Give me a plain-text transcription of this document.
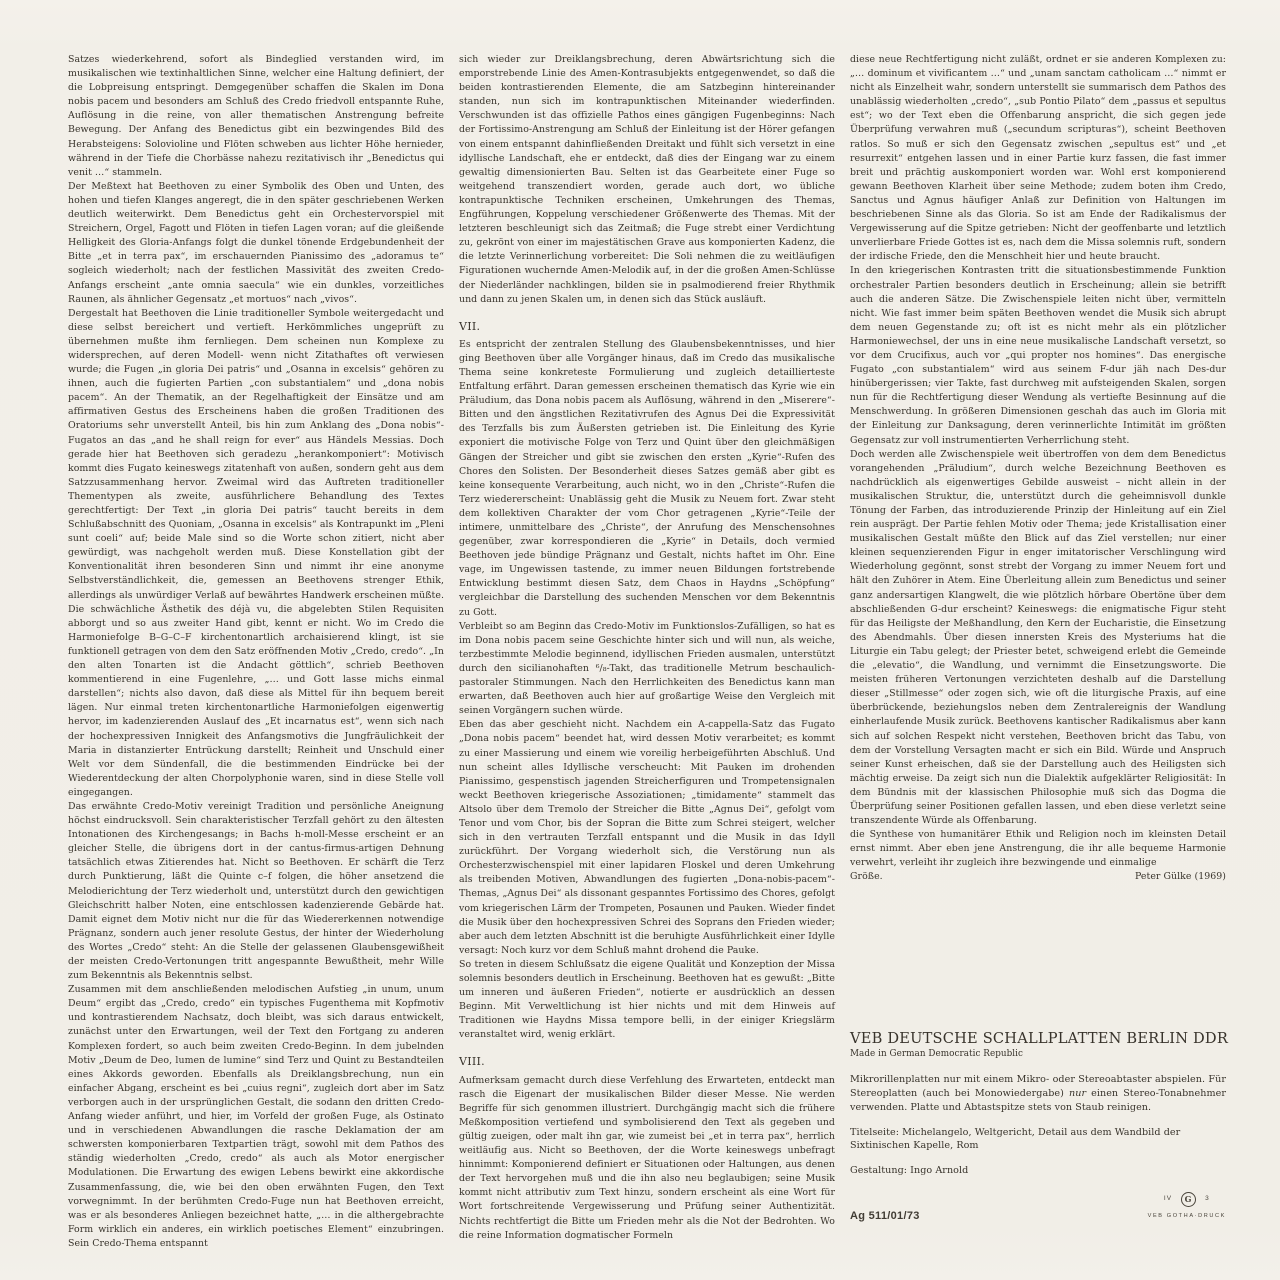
Satzes wiederkehrend, sofort als Bindeglied verstanden wird, im musikalischen wie textinhaltlichen Sinne, welcher eine Haltung definiert, der die Lobpreisung entspringt. Demgegenüber schaffen die Skalen im Dona nobis pacem und besonders am Schluß des Credo friedvoll entspannte Ruhe, Auflösung in die reine, von aller thematischen Anstrengung befreite Bewegung. Der Anfang des Benedictus gibt ein bezwingendes Bild des Herabsteigens: Solovioline und Flöten schweben aus lichter Höhe hernieder, während in der Tiefe die Chorbässe nahezu rezitativisch ihr „Benedictus qui venit …“ stammeln.

Der Meßtext hat Beethoven zu einer Symbolik des Oben und Unten, des hohen und tiefen Klanges angeregt, die in den später geschriebenen Werken deutlich weiterwirkt. Dem Benedictus geht ein Orchestervorspiel mit Streichern, Orgel, Fagott und Flöten in tiefen Lagen voran; auf die gleißende Helligkeit des Gloria-Anfangs folgt die dunkel tönende Erdgebundenheit der Bitte „et in terra pax“, im erschauernden Pianissimo des „adoramus te“ sogleich wiederholt; nach der festlichen Massivität des zweiten Credo-Anfangs erscheint „ante omnia saecula“ wie ein dunkles, vorzeitliches Raunen, als ähnlicher Gegensatz „et mortuos“ nach „vivos“.

Dergestalt hat Beethoven die Linie traditioneller Symbole weitergedacht und diese selbst bereichert und vertieft. Herkömmliches ungeprüft zu übernehmen mußte ihm fernliegen. Dem scheinen nun Komplexe zu widersprechen, auf deren Modell- wenn nicht Zitathaftes oft verwiesen wurde; die Fugen „in gloria Dei patris“ und „Osanna in excelsis“ gehören zu ihnen, auch die fugierten Partien „con substantialem“ und „dona nobis pacem“. An der Thematik, an der Regelhaftigkeit der Einsätze und am affirmativen Gestus des Erscheinens haben die großen Traditionen des Oratoriums sehr unverstellt Anteil, bis hin zum Anklang des „Dona nobis“-Fugatos an das „and he shall reign for ever“ aus Händels Messias. Doch gerade hier hat Beethoven sich geradezu „herankomponiert“: Motivisch kommt dies Fugato keineswegs zitatenhaft von außen, sondern geht aus dem Satzzusammenhang hervor. Zweimal wird das Auftreten traditioneller Thementypen als zweite, ausführlichere Behandlung des Textes gerechtfertigt: Der Text „in gloria Dei patris“ taucht bereits in dem Schlußabschnitt des Quoniam, „Osanna in excelsis“ als Kontrapunkt im „Pleni sunt coeli“ auf; beide Male sind so die Worte schon zitiert, nicht aber gewürdigt, was nachgeholt werden muß. Diese Konstellation gibt der Konventionalität ihren besonderen Sinn und nimmt ihr eine anonyme Selbstverständlichkeit, die, gemessen an Beethovens strenger Ethik, allerdings als unwürdiger Verlaß auf bewährtes Handwerk erscheinen müßte. Die schwächliche Ästhetik des déjà vu, die abgelebten Stilen Requisiten abborgt und so aus zweiter Hand gibt, kennt er nicht. Wo im Credo die Harmoniefolge B–G–C–F kirchentonartlich archaisierend klingt, ist sie funktionell getragen von dem den Satz eröffnenden Motiv „Credo, credo“. „In den alten Tonarten ist die Andacht göttlich“, schrieb Beethoven kommentierend in eine Fugenlehre, „… und Gott lasse michs einmal darstellen“; nichts also davon, daß diese als Mittel für ihn bequem bereit lägen. Nur einmal treten kirchentonartliche Harmoniefolgen eigenwertig hervor, im kadenzierenden Auslauf des „Et incarnatus est“, wenn sich nach der hochexpressiven Innigkeit des Anfangsmotivs die Jungfräulichkeit der Maria in distanzierter Entrückung darstellt; Reinheit und Unschuld einer Welt vor dem Sündenfall, die die bestimmenden Eindrücke bei der Wiederentdeckung der alten Chorpolyphonie waren, sind in diese Stelle voll eingegangen.

Das erwähnte Credo-Motiv vereinigt Tradition und persönliche Aneignung höchst eindrucksvoll. Sein charakteristischer Terzfall gehört zu den ältesten Intonationen des Kirchengesangs; in Bachs h-moll-Messe erscheint er an gleicher Stelle, die übrigens dort in der cantus-firmus-artigen Dehnung tatsächlich etwas Zitierendes hat. Nicht so Beethoven. Er schärft die Terz durch Punktierung, läßt die Quinte c–f folgen, die höher ansetzend die Melodierichtung der Terz wiederholt und, unterstützt durch den gewichtigen Gleichschritt halber Noten, eine entschlossen kadenzierende Gebärde hat. Damit eignet dem Motiv nicht nur die für das Wiedererkennen notwendige Prägnanz, sondern auch jener resolute Gestus, der hinter der Wiederholung des Wortes „Credo“ steht: An die Stelle der gelassenen Glaubensgewißheit der meisten Credo-Vertonungen tritt angespannte Bewußtheit, mehr Wille zum Bekenntnis als Bekenntnis selbst.

Zusammen mit dem anschließenden melodischen Aufstieg „in unum, unum Deum“ ergibt das „Credo, credo“ ein typisches Fugenthema mit Kopfmotiv und kontrastierendem Nachsatz, doch bleibt, was sich daraus entwickelt, zunächst unter den Erwartungen, weil der Text den Fortgang zu anderen Komplexen fordert, so auch beim zweiten Credo-Beginn. In dem jubelnden Motiv „Deum de Deo, lumen de lumine“ sind Terz und Quint zu Bestandteilen eines Akkords geworden. Ebenfalls als Dreiklangsbrechung, nun ein einfacher Abgang, erscheint es bei „cuius regni“, zugleich dort aber im Satz verborgen auch in der ursprünglichen Gestalt, die sodann den dritten Credo-Anfang wieder anführt, und hier, im Vorfeld der großen Fuge, als Ostinato und in verschiedenen Abwandlungen die rasche Deklamation der am schwersten komponierbaren Textpartien trägt, sowohl mit dem Pathos des ständig wiederholten „Credo, credo“ als auch als Motor energischer Modulationen. Die Erwartung des ewigen Lebens bewirkt eine akkordische Zusammenfassung, die, wie bei den oben erwähnten Fugen, den Text vorwegnimmt. In der berühmten Credo-Fuge nun hat Beethoven erreicht, was er als besonderes Anliegen bezeichnet hatte, „… in die althergebrachte Form wirklich ein anderes, ein wirklich poetisches Element“ einzubringen. Sein Credo-Thema entspannt

sich wieder zur Dreiklangsbrechung, deren Abwärtsrichtung sich die emporstrebende Linie des Amen-Kontrasubjekts entgegenwendet, so daß die beiden kontrastierenden Elemente, die am Satzbeginn hintereinander standen, nun sich im kontrapunktischen Miteinander wiederfinden. Verschwunden ist das offizielle Pathos eines gängigen Fugenbeginns: Nach der Fortissimo-Anstrengung am Schluß der Einleitung ist der Hörer gefangen von einem entspannt dahinfließenden Dreitakt und fühlt sich versetzt in eine idyllische Landschaft, ehe er entdeckt, daß dies der Eingang war zu einem gewaltig dimensionierten Bau. Selten ist das Gearbeitete einer Fuge so weitgehend transzendiert worden, gerade auch dort, wo übliche kontrapunktische Techniken erscheinen, Umkehrungen des Themas, Engführungen, Koppelung verschiedener Größenwerte des Themas. Mit der letzteren beschleunigt sich das Zeitmaß; die Fuge strebt einer Verdichtung zu, gekrönt von einer im majestätischen Grave aus komponierten Kadenz, die die letzte Verinnerlichung vorbereitet: Die Soli nehmen die zu weitläufigen Figurationen wuchernde Amen-Melodik auf, in der die großen Amen-Schlüsse der Niederländer nachklingen, bilden sie in psalmodierend freier Rhythmik und dann zu jenen Skalen um, in denen sich das Stück ausläuft.

VII.

Es entspricht der zentralen Stellung des Glaubensbekenntnisses, und hier ging Beethoven über alle Vorgänger hinaus, daß im Credo das musikalische Thema seine konkreteste Formulierung und zugleich detaillierteste Entfaltung erfährt. Daran gemessen erscheinen thematisch das Kyrie wie ein Präludium, das Dona nobis pacem als Auflösung, während in den „Miserere“-Bitten und den ängstlichen Rezitativrufen des Agnus Dei die Expressivität des Terzfalls bis zum Äußersten getrieben ist. Die Einleitung des Kyrie exponiert die motivische Folge von Terz und Quint über den gleichmäßigen Gängen der Streicher und gibt sie zwischen den ersten „Kyrie“-Rufen des Chores den Solisten. Der Besonderheit dieses Satzes gemäß aber gibt es keine konsequente Verarbeitung, auch nicht, wo in den „Christe“-Rufen die Terz wiedererscheint: Unablässig geht die Musik zu Neuem fort. Zwar steht dem kollektiven Charakter der vom Chor getragenen „Kyrie“-Teile der intimere, unmittelbare des „Christe“, der Anrufung des Menschensohnes gegenüber, zwar korrespondieren die „Kyrie“ in Details, doch vermied Beethoven jede bündige Prägnanz und Gestalt, nichts haftet im Ohr. Eine vage, im Ungewissen tastende, zu immer neuen Bildungen fortstrebende Entwicklung bestimmt diesen Satz, dem Chaos in Haydns „Schöpfung“ vergleichbar die Darstellung des suchenden Menschen vor dem Bekenntnis zu Gott.

Verbleibt so am Beginn das Credo-Motiv im Funktionslos-Zufälligen, so hat es im Dona nobis pacem seine Geschichte hinter sich und will nun, als weiche, terzbestimmte Melodie beginnend, idyllischen Frieden ausmalen, unterstützt durch den sicilianohaften ⁶/₈-Takt, das traditionelle Metrum beschaulich-pastoraler Stimmungen. Nach den Herrlichkeiten des Benedictus kann man erwarten, daß Beethoven auch hier auf großartige Weise den Vergleich mit seinen Vorgängern suchen würde.

Eben das aber geschieht nicht. Nachdem ein A-cappella-Satz das Fugato „Dona nobis pacem“ beendet hat, wird dessen Motiv verarbeitet; es kommt zu einer Massierung und einem wie voreilig herbeigeführten Abschluß. Und nun scheint alles Idyllische verscheucht: Mit Pauken im drohenden Pianissimo, gespenstisch jagenden Streicherfiguren und Trompetensignalen weckt Beethoven kriegerische Assoziationen; „timidamente“ stammelt das Altsolo über dem Tremolo der Streicher die Bitte „Agnus Dei“, gefolgt vom Tenor und vom Chor, bis der Sopran die Bitte zum Schrei steigert, welcher sich in den vertrauten Terzfall entspannt und die Musik in das Idyll zurückführt. Der Vorgang wiederholt sich, die Verstörung nun als Orchesterzwischenspiel mit einer lapidaren Floskel und deren Umkehrung als treibenden Motiven, Abwandlungen des fugierten „Dona-nobis-pacem“-Themas, „Agnus Dei“ als dissonant gespanntes Fortissimo des Chores, gefolgt vom kriegerischen Lärm der Trompeten, Posaunen und Pauken. Wieder findet die Musik über den hochexpressiven Schrei des Soprans den Frieden wieder; aber auch dem letzten Abschnitt ist die beruhigte Ausführlichkeit einer Idylle versagt: Noch kurz vor dem Schluß mahnt drohend die Pauke.

So treten in diesem Schlußsatz die eigene Qualität und Konzeption der Missa solemnis besonders deutlich in Erscheinung. Beethoven hat es gewußt: „Bitte um inneren und äußeren Frieden“, notierte er ausdrücklich an dessen Beginn. Mit Verweltlichung ist hier nichts und mit dem Hinweis auf Traditionen wie Haydns Missa tempore belli, in der einiger Kriegslärm veranstaltet wird, wenig erklärt.

VIII.

Aufmerksam gemacht durch diese Verfehlung des Erwarteten, entdeckt man rasch die Eigenart der musikalischen Bilder dieser Messe. Nie werden Begriffe für sich genommen illustriert. Durchgängig macht sich die frühere Meßkomposition vertiefend und symbolisierend den Text als gegeben und gültig zueigen, oder malt ihn gar, wie zumeist bei „et in terra pax“, herrlich weitläufig aus. Nicht so Beethoven, der die Worte keineswegs unbefragt hinnimmt: Komponierend definiert er Situationen oder Haltungen, aus denen der Text hervorgehen muß und die ihn also neu beglaubigen; seine Musik kommt nicht attributiv zum Text hinzu, sondern erscheint als eine Wort für Wort fortschreitende Vergewisserung und Prüfung seiner Authentizität. Nichts rechtfertigt die Bitte um Frieden mehr als die Not der Bedrohten. Wo die reine Information dogmatischer Formeln

diese neue Rechtfertigung nicht zuläßt, ordnet er sie anderen Komplexen zu: „… dominum et vivificantem …“ und „unam sanctam catholicam …“ nimmt er nicht als Einzelheit wahr, sondern unterstellt sie summarisch dem Pathos des unablässig wiederholten „credo“, „sub Pontio Pilato“ dem „passus et sepultus est“; wo der Text eben die Offenbarung anspricht, die sich gegen jede Überprüfung verwahren muß („secundum scripturas“), scheint Beethoven ratlos. So muß er sich den Gegensatz zwischen „sepultus est“ und „et resurrexit“ entgehen lassen und in einer Partie kurz fassen, die fast immer breit und prächtig auskomponiert worden war. Wohl erst komponierend gewann Beethoven Klarheit über seine Methode; zudem boten ihm Credo, Sanctus und Agnus häufiger Anlaß zur Definition von Haltungen im beschriebenen Sinne als das Gloria. So ist am Ende der Radikalismus der Vergewisserung auf die Spitze getrieben: Nicht der geoffenbarte und letztlich unverlierbare Friede Gottes ist es, nach dem die Missa solemnis ruft, sondern der irdische Friede, den die Menschheit hier und heute braucht.

In den kriegerischen Kontrasten tritt die situationsbestimmende Funktion orchestraler Partien besonders deutlich in Erscheinung; allein sie betrifft auch die anderen Sätze. Die Zwischenspiele leiten nicht über, vermitteln nicht. Wie fast immer beim späten Beethoven wendet die Musik sich abrupt dem neuen Gegenstande zu; oft ist es nicht mehr als ein plötzlicher Harmoniewechsel, der uns in eine neue musikalische Landschaft versetzt, so vor dem Crucifixus, auch vor „qui propter nos homines“. Das energische Fugato „con substantialem“ wird aus seinem F-dur jäh nach Des-dur hinübergerissen; vier Takte, fast durchweg mit aufsteigenden Skalen, sorgen nun für die Rechtfertigung dieser Wendung als vertiefte Besinnung auf die Menschwerdung. In größeren Dimensionen geschah das auch im Gloria mit der Einleitung zur Danksagung, deren verinnerlichte Intimität im größten Gegensatz zur voll instrumentierten Verherrlichung steht.

Doch werden alle Zwischenspiele weit übertroffen von dem dem Benedictus vorangehenden „Präludium“, durch welche Bezeichnung Beethoven es nachdrücklich als eigenwertiges Gebilde ausweist – nicht allein in der musikalischen Struktur, die, unterstützt durch die geheimnisvoll dunkle Tönung der Farben, das introduzierende Prinzip der Hinleitung auf ein Ziel rein ausprägt. Der Partie fehlen Motiv oder Thema; jede Kristallisation einer musikalischen Gestalt müßte den Blick auf das Ziel verstellen; nur einer kleinen sequenzierenden Figur in enger imitatorischer Verschlingung wird Wiederholung gegönnt, sonst strebt der Vorgang zu immer Neuem fort und hält den Zuhörer in Atem. Eine Überleitung allein zum Benedictus und seiner ganz andersartigen Klangwelt, die wie plötzlich hörbare Obertöne über dem abschließenden G-dur erscheint? Keineswegs: die enigmatische Figur steht für das Heiligste der Meßhandlung, den Kern der Eucharistie, die Einsetzung des Abendmahls. Über diesen innersten Kreis des Mysteriums hat die Liturgie ein Tabu gelegt; der Priester betet, schweigend erlebt die Gemeinde die „elevatio“, die Wandlung, und vernimmt die Einsetzungsworte. Die meisten früheren Vertonungen verzichteten deshalb auf die Darstellung dieser „Stillmesse“ oder zogen sich, wie oft die liturgische Praxis, auf eine überbrückende, beziehungslos neben dem Zentralereignis der Wandlung einherlaufende Musik zurück. Beethovens kantischer Radikalismus aber kann sich auf solchen Respekt nicht verstehen, Beethoven bricht das Tabu, von dem der Vorstellung Versagten macht er sich ein Bild. Würde und Anspruch seiner Kunst erheischen, daß sie der Darstellung auch des Heiligsten sich mächtig erweise. Da zeigt sich nun die Dialektik aufgeklärter Religiosität: In dem Bündnis mit der klassischen Philosophie muß sich das Dogma die Überprüfung seiner Positionen gefallen lassen, und eben diese verletzt seine transzendente Würde als Offenbarung.

die Synthese von humanitärer Ethik und Religion noch im kleinsten Detail ernst nimmt. Aber eben jene Anstrengung, die ihr alle bequeme Harmonie verwehrt, verleiht ihr zugleich ihre bezwingende und einmalige

Größe.	Peter Gülke (1969)

VEB DEUTSCHE SCHALLPLATTEN BERLIN DDR

Made in German Democratic Republic

Mikrorillenplatten nur mit einem Mikro- oder Stereoabtaster abspielen. Für Stereoplatten (auch bei Monowiedergabe) nur einen Stereo-Tonabnehmer verwenden. Platte und Abtastspitze stets von Staub reinigen.

Titelseite: Michelangelo, Weltgericht, Detail aus dem Wandbild der Sixtinischen Kapelle, Rom

Gestaltung: Ingo Arnold

Ag 511/01/73
IV	G	3
VEB GOTHA·DRUCK
